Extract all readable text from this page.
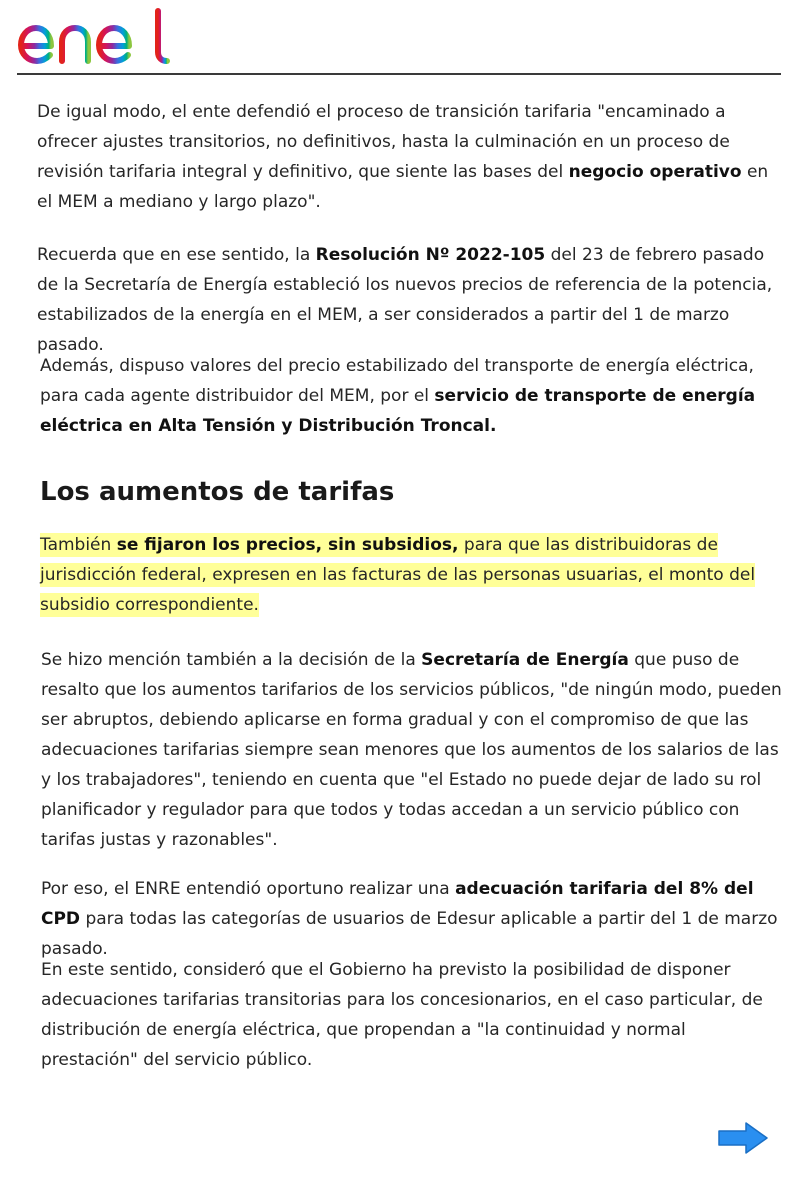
enel

De igual modo, el ente defendió el proceso de transición tarifaria "encaminado a ofrecer ajustes transitorios, no definitivos, hasta la culminación en un proceso de revisión tarifaria integral y definitivo, que siente las bases del negocio operativo en el MEM a mediano y largo plazo".

Recuerda que en ese sentido, la Resolución Nº 2022-105 del 23 de febrero pasado de la Secretaría de Energía estableció los nuevos precios de referencia de la potencia, estabilizados de la energía en el MEM, a ser considerados a partir del 1 de marzo pasado.

Además, dispuso valores del precio estabilizado del transporte de energía eléctrica, para cada agente distribuidor del MEM, por el servicio de transporte de energía eléctrica en Alta Tensión y Distribución Troncal.

Los aumentos de tarifas

También se fijaron los precios, sin subsidios, para que las distribuidoras de jurisdicción federal, expresen en las facturas de las personas usuarias, el monto del subsidio correspondiente.

Se hizo mención también a la decisión de la Secretaría de Energía que puso de resalto que los aumentos tarifarios de los servicios públicos, "de ningún modo, pueden ser abruptos, debiendo aplicarse en forma gradual y con el compromiso de que las adecuaciones tarifarias siempre sean menores que los aumentos de los salarios de las y los trabajadores", teniendo en cuenta que "el Estado no puede dejar de lado su rol planificador y regulador para que todos y todas accedan a un servicio público con tarifas justas y razonables".

Por eso, el ENRE entendió oportuno realizar una adecuación tarifaria del 8% del CPD para todas las categorías de usuarios de Edesur aplicable a partir del 1 de marzo pasado.

En este sentido, consideró que el Gobierno ha previsto la posibilidad de disponer adecuaciones tarifarias transitorias para los concesionarios, en el caso particular, de distribución de energía eléctrica, que propendan a "la continuidad y normal prestación" del servicio público.
